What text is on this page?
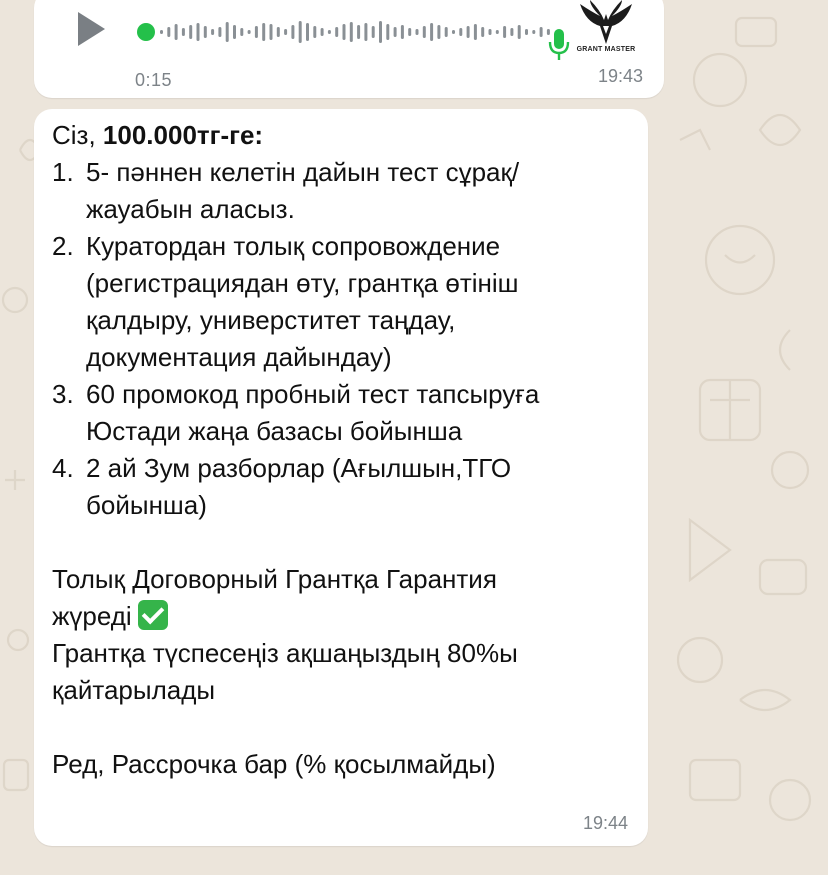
GRANT MASTER
0:15	19:43
Сіз, 100.000тг-ге:
1. 5- пәннен келетін дайын тест сұрақ/
жауабын аласыз.
2. Куратордан толық сопровождение
(регистрациядан өту, грантқа өтініш
қалдыру, универститет таңдау,
документация дайындау)
3. 60 промокод пробный тест тапсыруға
Юстади жаңа базасы бойынша
4. 2 ай Зум разборлар (Ағылшын,ТГО
бойынша)
Толық Договорный Грантқа Гарантия
жүреді
Грантқа түспесеңіз ақшаңыздың 80%ы
қайтарылады
Ред, Рассрочка бар (% қосылмайды)
19:44
